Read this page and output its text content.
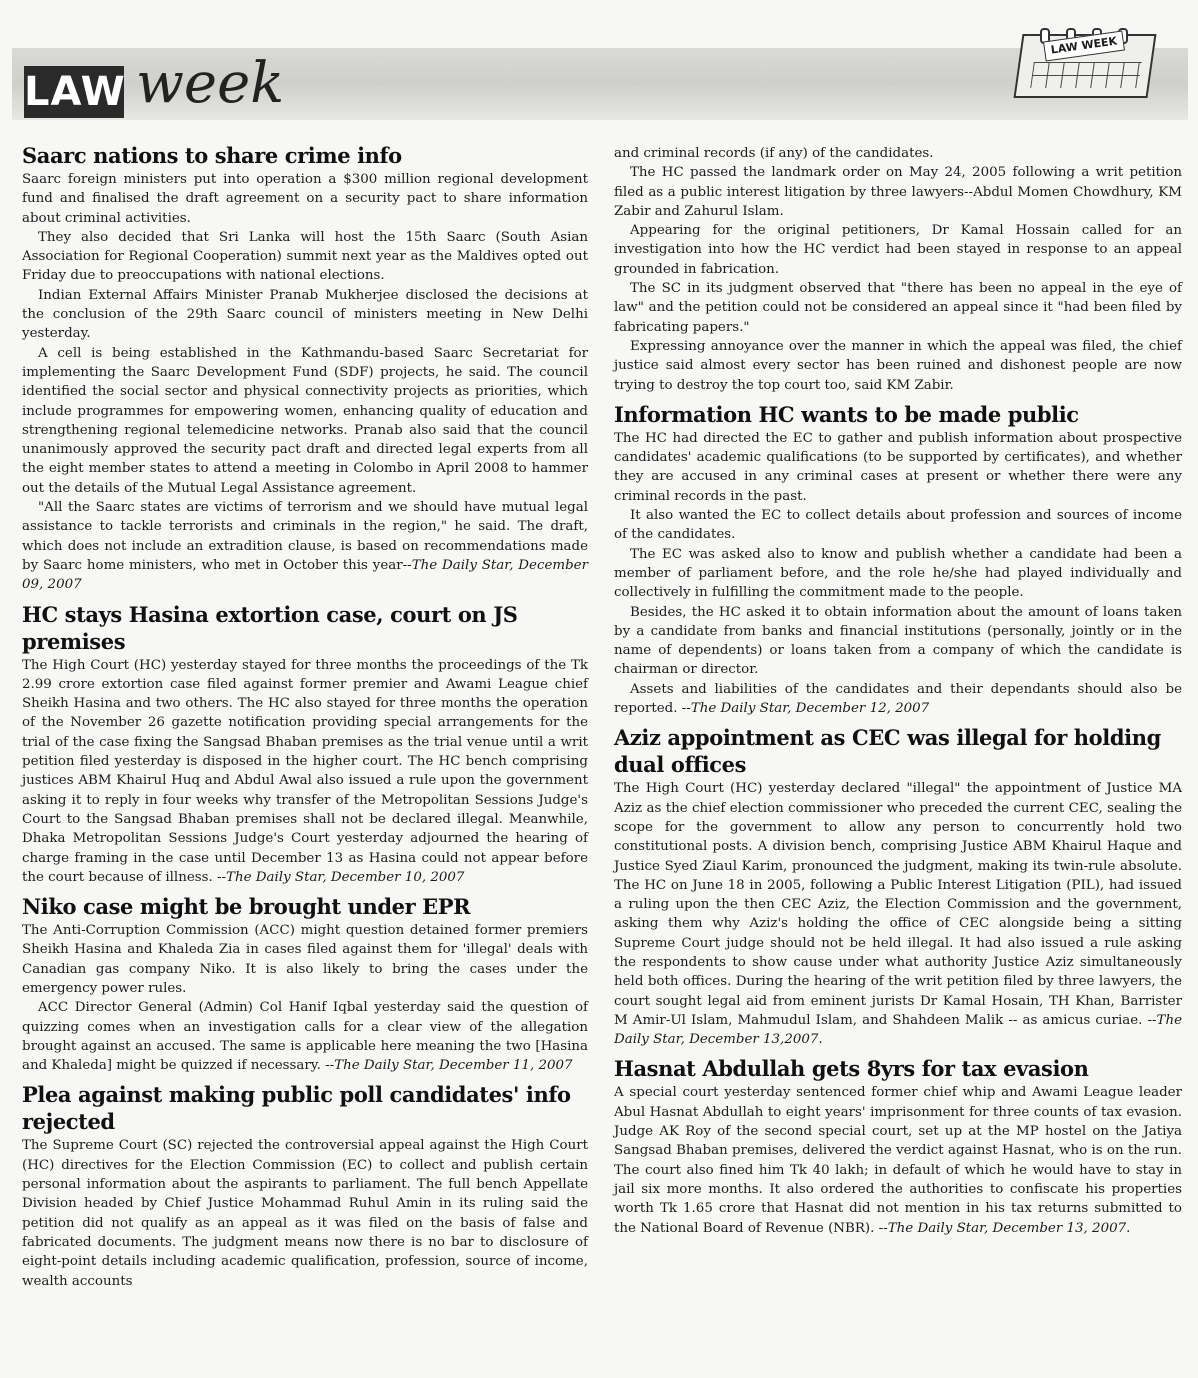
LAW week
LAW WEEK
Saarc nations to share crime info

Saarc foreign ministers put into operation a $300 million regional development fund and finalised the draft agreement on a security pact to share information about criminal activities.

They also decided that Sri Lanka will host the 15th Saarc (South Asian Association for Regional Cooperation) summit next year as the Maldives opted out Friday due to preoccupations with national elections.

Indian External Affairs Minister Pranab Mukherjee disclosed the decisions at the conclusion of the 29th Saarc council of ministers meeting in New Delhi yesterday.

A cell is being established in the Kathmandu-based Saarc Secretariat for implementing the Saarc Development Fund (SDF) projects, he said. The council identified the social sector and physical connectivity projects as priorities, which include programmes for empowering women, enhancing quality of education and strengthening regional telemedicine networks. Pranab also said that the council unanimously approved the security pact draft and directed legal experts from all the eight member states to attend a meeting in Colombo in April 2008 to hammer out the details of the Mutual Legal Assistance agreement.

"All the Saarc states are victims of terrorism and we should have mutual legal assistance to tackle terrorists and criminals in the region," he said. The draft, which does not include an extradition clause, is based on recommendations made by Saarc home ministers, who met in October this year--The Daily Star, December 09, 2007

HC stays Hasina extortion case, court on JS premises

The High Court (HC) yesterday stayed for three months the proceedings of the Tk 2.99 crore extortion case filed against former premier and Awami League chief Sheikh Hasina and two others. The HC also stayed for three months the operation of the November 26 gazette notification providing special arrangements for the trial of the case fixing the Sangsad Bhaban premises as the trial venue until a writ petition filed yesterday is disposed in the higher court. The HC bench comprising justices ABM Khairul Huq and Abdul Awal also issued a rule upon the government asking it to reply in four weeks why transfer of the Metropolitan Sessions Judge's Court to the Sangsad Bhaban premises shall not be declared illegal. Meanwhile, Dhaka Metropolitan Sessions Judge's Court yesterday adjourned the hearing of charge framing in the case until December 13 as Hasina could not appear before the court because of illness. --The Daily Star, December 10, 2007

Niko case might be brought under EPR

The Anti-Corruption Commission (ACC) might question detained former premiers Sheikh Hasina and Khaleda Zia in cases filed against them for 'illegal' deals with Canadian gas company Niko. It is also likely to bring the cases under the emergency power rules.

ACC Director General (Admin) Col Hanif Iqbal yesterday said the question of quizzing comes when an investigation calls for a clear view of the allegation brought against an accused. The same is applicable here meaning the two [Hasina and Khaleda] might be quizzed if necessary. --The Daily Star, December 11, 2007

Plea against making public poll candidates' info rejected

The Supreme Court (SC) rejected the controversial appeal against the High Court (HC) directives for the Election Commission (EC) to collect and publish certain personal information about the aspirants to parliament. The full bench Appellate Division headed by Chief Justice Mohammad Ruhul Amin in its ruling said the petition did not qualify as an appeal as it was filed on the basis of false and fabricated documents. The judgment means now there is no bar to disclosure of eight-point details including academic qualification, profession, source of income, wealth accounts

and criminal records (if any) of the candidates.

The HC passed the landmark order on May 24, 2005 following a writ petition filed as a public interest litigation by three lawyers--Abdul Momen Chowdhury, KM Zabir and Zahurul Islam.

Appearing for the original petitioners, Dr Kamal Hossain called for an investigation into how the HC verdict had been stayed in response to an appeal grounded in fabrication.

The SC in its judgment observed that "there has been no appeal in the eye of law" and the petition could not be considered an appeal since it "had been filed by fabricating papers."

Expressing annoyance over the manner in which the appeal was filed, the chief justice said almost every sector has been ruined and dishonest people are now trying to destroy the top court too, said KM Zabir.

Information HC wants to be made public

The HC had directed the EC to gather and publish information about prospective candidates' academic qualifications (to be supported by certificates), and whether they are accused in any criminal cases at present or whether there were any criminal records in the past.

It also wanted the EC to collect details about profession and sources of income of the candidates.

The EC was asked also to know and publish whether a candidate had been a member of parliament before, and the role he/she had played individually and collectively in fulfilling the commitment made to the people.

Besides, the HC asked it to obtain information about the amount of loans taken by a candidate from banks and financial institutions (personally, jointly or in the name of dependents) or loans taken from a company of which the candidate is chairman or director.

Assets and liabilities of the candidates and their dependants should also be reported. --The Daily Star, December 12, 2007

Aziz appointment as CEC was illegal for holding dual offices

The High Court (HC) yesterday declared "illegal" the appointment of Justice MA Aziz as the chief election commissioner who preceded the current CEC, sealing the scope for the government to allow any person to concurrently hold two constitutional posts. A division bench, comprising Justice ABM Khairul Haque and Justice Syed Ziaul Karim, pronounced the judgment, making its twin-rule absolute. The HC on June 18 in 2005, following a Public Interest Litigation (PIL), had issued a ruling upon the then CEC Aziz, the Election Commission and the government, asking them why Aziz's holding the office of CEC alongside being a sitting Supreme Court judge should not be held illegal. It had also issued a rule asking the respondents to show cause under what authority Justice Aziz simultaneously held both offices. During the hearing of the writ petition filed by three lawyers, the court sought legal aid from eminent jurists Dr Kamal Hosain, TH Khan, Barrister M Amir-Ul Islam, Mahmudul Islam, and Shahdeen Malik -- as amicus curiae. --The Daily Star, December 13,2007.

Hasnat Abdullah gets 8yrs for tax evasion

A special court yesterday sentenced former chief whip and Awami League leader Abul Hasnat Abdullah to eight years' imprisonment for three counts of tax evasion. Judge AK Roy of the second special court, set up at the MP hostel on the Jatiya Sangsad Bhaban premises, delivered the verdict against Hasnat, who is on the run. The court also fined him Tk 40 lakh; in default of which he would have to stay in jail six more months. It also ordered the authorities to confiscate his properties worth Tk 1.65 crore that Hasnat did not mention in his tax returns submitted to the National Board of Revenue (NBR). --The Daily Star, December 13, 2007.
